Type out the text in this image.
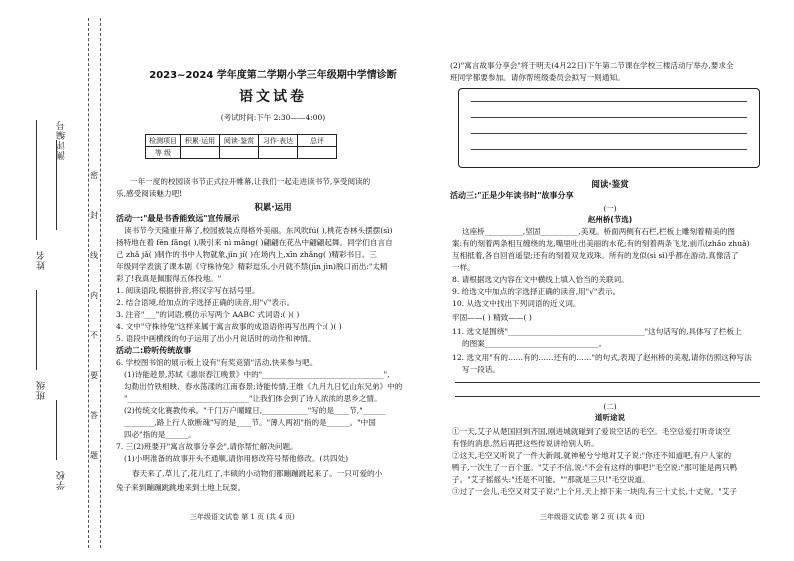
测评编号
姓名
班级
学校
密
封
线
内
不
要
答
题
2023~2024 学年度第二学期小学三年级期中学情诊断
语文试卷
(考试时间:下午 2:30——4:00)
检测项目	积累·运用	阅读·鉴赏	习作·表达	总评
等 级				
一年一度的校园读书节正式拉开帷幕,让我们一起走进读书节,享受阅读的
乐,感受阅读魅力吧!
积累·运用
活动一:"最是书香能致远"宣传展示
读书节今天隆重开幕了,校园被装点得格外美丽。东风吹fú( ),桃花杏林头摆摆(sì)
扬特地在着 fěn fǎng( ),吸引来 nì mǎng( )翩翩在花丛中翩翩起舞。同学们自言自
己 zhǎ jǎ( )制作的书中人物就象,jǐn jí( )在场内上,xīn zhǎng( )精彩书日。三
年级同学表演了课本剧《守株待兔》精彩逗乐,小月就不禁(jīn jìn)脱口而出:"太精
彩了!我真是佩服得五体投地。"
1. 阅读语段,根据拼音,将汉字写在括号里。
2. 结合语境,给加点的字选择正确的读音,用"√"表示。
3. 注音"___"的词语,模仿示写两个 AABC 式词语:( )( )
4. 文中"守株待兔"这样来属于寓言故事的成语语你再写出两个:( )( )
5. 语段中画横线的句子运用了出小月说话时的动作和神情。
活动二:聆听传统故事
6. 学校图书馆的展示板上设有"有奖竞猜"活动,快来参与吧。
(1)诗能趁景,苏轼《惠崇春江晚景》中的"________________________________",
勾勒出竹铁相映、春水荡漾的江南春景;诗能传情,王维《九月九日忆山东兄弟》中的
"________________________________"让我们体会到了诗人浓浓的思乡之情。
(2)传统文化赛教传承。"千门万户曈曈日,____________"写的是____节,"______
________,路上行人欲断魂"写的是____节。"薄人两初"指的是______。"中国
四必"指的是______。
7. 三(2)班要开"寓言故事分享会",请你帮忙解决问题。
(1)小明准备的故事开头不通顺,请你用修改符号帮他修改。(共四处)
春天来了,草儿了,花儿红了,丰硕的小动物们都蹦蹦跳起来了。一只可爱的小
兔子来到蹦蹦跳跳地来到土地上玩耍。
三年级语文试卷 第 1 页 (共 4 页)
(2)"寓言故事分享会"将于明天(4月22日)下午第二节课在学校三楼活动厅举办,要求全
班同学都要参加。请你帮班级委员会拟写一则通知。
阅读·鉴赏
活动三:"正是少年读书时"故事分享
(一)
赵州桥(节选)
这座桥__________,坚固__________,美观。桥面两侧有石栏,栏板上雕刻着精美的图
案:有的刻着两条相互缠绕的龙,嘴里吐出美丽的水花;有的刻着两条飞龙,前爪(zhǎo zhuǎ)
互相抵着,各自回首遥望;还有的刻着双龙戏珠。所有的龙似(sì sì)乎都在游动,真像活了
一样。
8. 请根据选文内容在文中横线上填入恰当的关联词。
9. 给选文中加点的字选择正确的读音,用"√"表示。
10. 从选文中找出下列词语的近义词。
牢固——( ) 精致——( )
11. 选文是围绕"____________________________________"这句话写的,具体写了栏板上
的图案______________________________。
12. 选文用"有的……有的……还有的……"的句式,表现了赵州桥的美观,请你仿照这种写法
写一段话。
(二)
道听途说
①一天,艾子从楚国回到齐国,刚进城就碰到了爱说空话的毛空。毛空总爱打听奇谈空
有怪的消息,然后再把这些传说讲给别人听。
②这天,毛空又听说了一件大新闻,就神秘兮兮地对艾子说:"你还不知道吧,有户人家的
鸭子,一次生了一百个蛋。"艾子不信,说:"不会有这样的事吧!"毛空说:"那可能是两只鸭
子。"艾子摇摇头:"还是不可能。""那就是三只!"毛空说道。
③过了一会儿,毛空又对艾子说:"上个月,天上掉下来一块肉,有三十丈长,十丈宽。"艾子
三年级语文试卷 第 2 页 (共 4 页)
